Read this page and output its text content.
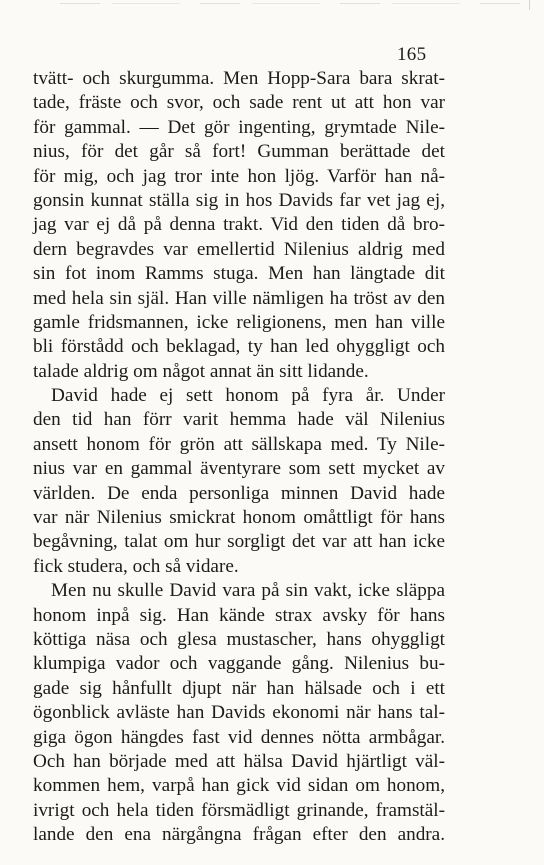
165
tvätt- och skurgumma. Men Hopp-Sara bara skrat-
tade, fräste och svor, och sade rent ut att hon var
för gammal. — Det gör ingenting, grymtade Nile-
nius, för det går så fort! Gumman berättade det
för mig, och jag tror inte hon ljög. Varför han nå-
gonsin kunnat ställa sig in hos Davids far vet jag ej,
jag var ej då på denna trakt. Vid den tiden då bro-
dern begravdes var emellertid Nilenius aldrig med
sin fot inom Ramms stuga. Men han längtade dit
med hela sin själ. Han ville nämligen ha tröst av den
gamle fridsmannen, icke religionens, men han ville
bli förstådd och beklagad, ty han led ohyggligt och
talade aldrig om något annat än sitt lidande.
David hade ej sett honom på fyra år. Under
den tid han förr varit hemma hade väl Nilenius
ansett honom för grön att sällskapa med. Ty Nile-
nius var en gammal äventyrare som sett mycket av
världen. De enda personliga minnen David hade
var när Nilenius smickrat honom omåttligt för hans
begåvning, talat om hur sorgligt det var att han icke
fick studera, och så vidare.
Men nu skulle David vara på sin vakt, icke släppa
honom inpå sig. Han kände strax avsky för hans
köttiga näsa och glesa mustascher, hans ohyggligt
klumpiga vador och vaggande gång. Nilenius bu-
gade sig hånfullt djupt när han hälsade och i ett
ögonblick avläste han Davids ekonomi när hans tal-
giga ögon hängdes fast vid dennes nötta armbågar.
Och han började med att hälsa David hjärtligt väl-
kommen hem, varpå han gick vid sidan om honom,
ivrigt och hela tiden försmädligt grinande, framstäl-
lande den ena närgångna frågan efter den andra.
